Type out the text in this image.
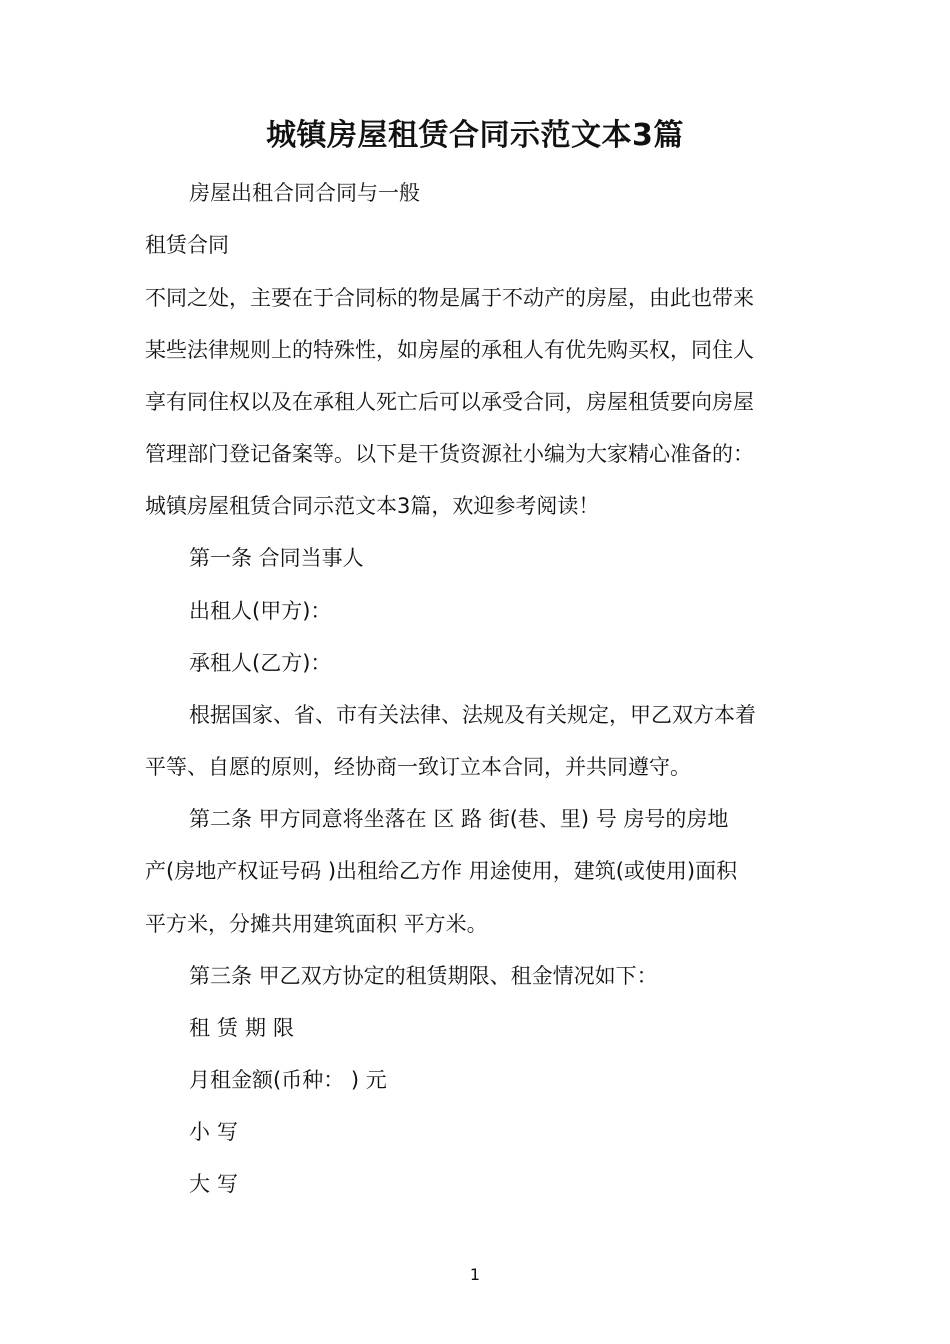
城镇房屋租赁合同示范文本3篇
房屋出租合同合同与一般
租赁合同
不同之处，主要在于合同标的物是属于不动产的房屋，由此也带来
某些法律规则上的特殊性，如房屋的承租人有优先购买权，同住人
享有同住权以及在承租人死亡后可以承受合同，房屋租赁要向房屋
管理部门登记备案等。以下是干货资源社小编为大家精心准备的：
城镇房屋租赁合同示范文本3篇，欢迎参考阅读！
第一条 合同当事人
出租人(甲方)：
承租人(乙方)：
根据国家、省、市有关法律、法规及有关规定，甲乙双方本着
平等、自愿的原则，经协商一致订立本合同，并共同遵守。
第二条 甲方同意将坐落在 区 路 街(巷、里) 号 房号的房地
产(房地产权证号码 )出租给乙方作 用途使用，建筑(或使用)面积
平方米，分摊共用建筑面积 平方米。
第三条 甲乙双方协定的租赁期限、租金情况如下：
租赁期限
月租金额(币种： ) 元
小写
大写
1
